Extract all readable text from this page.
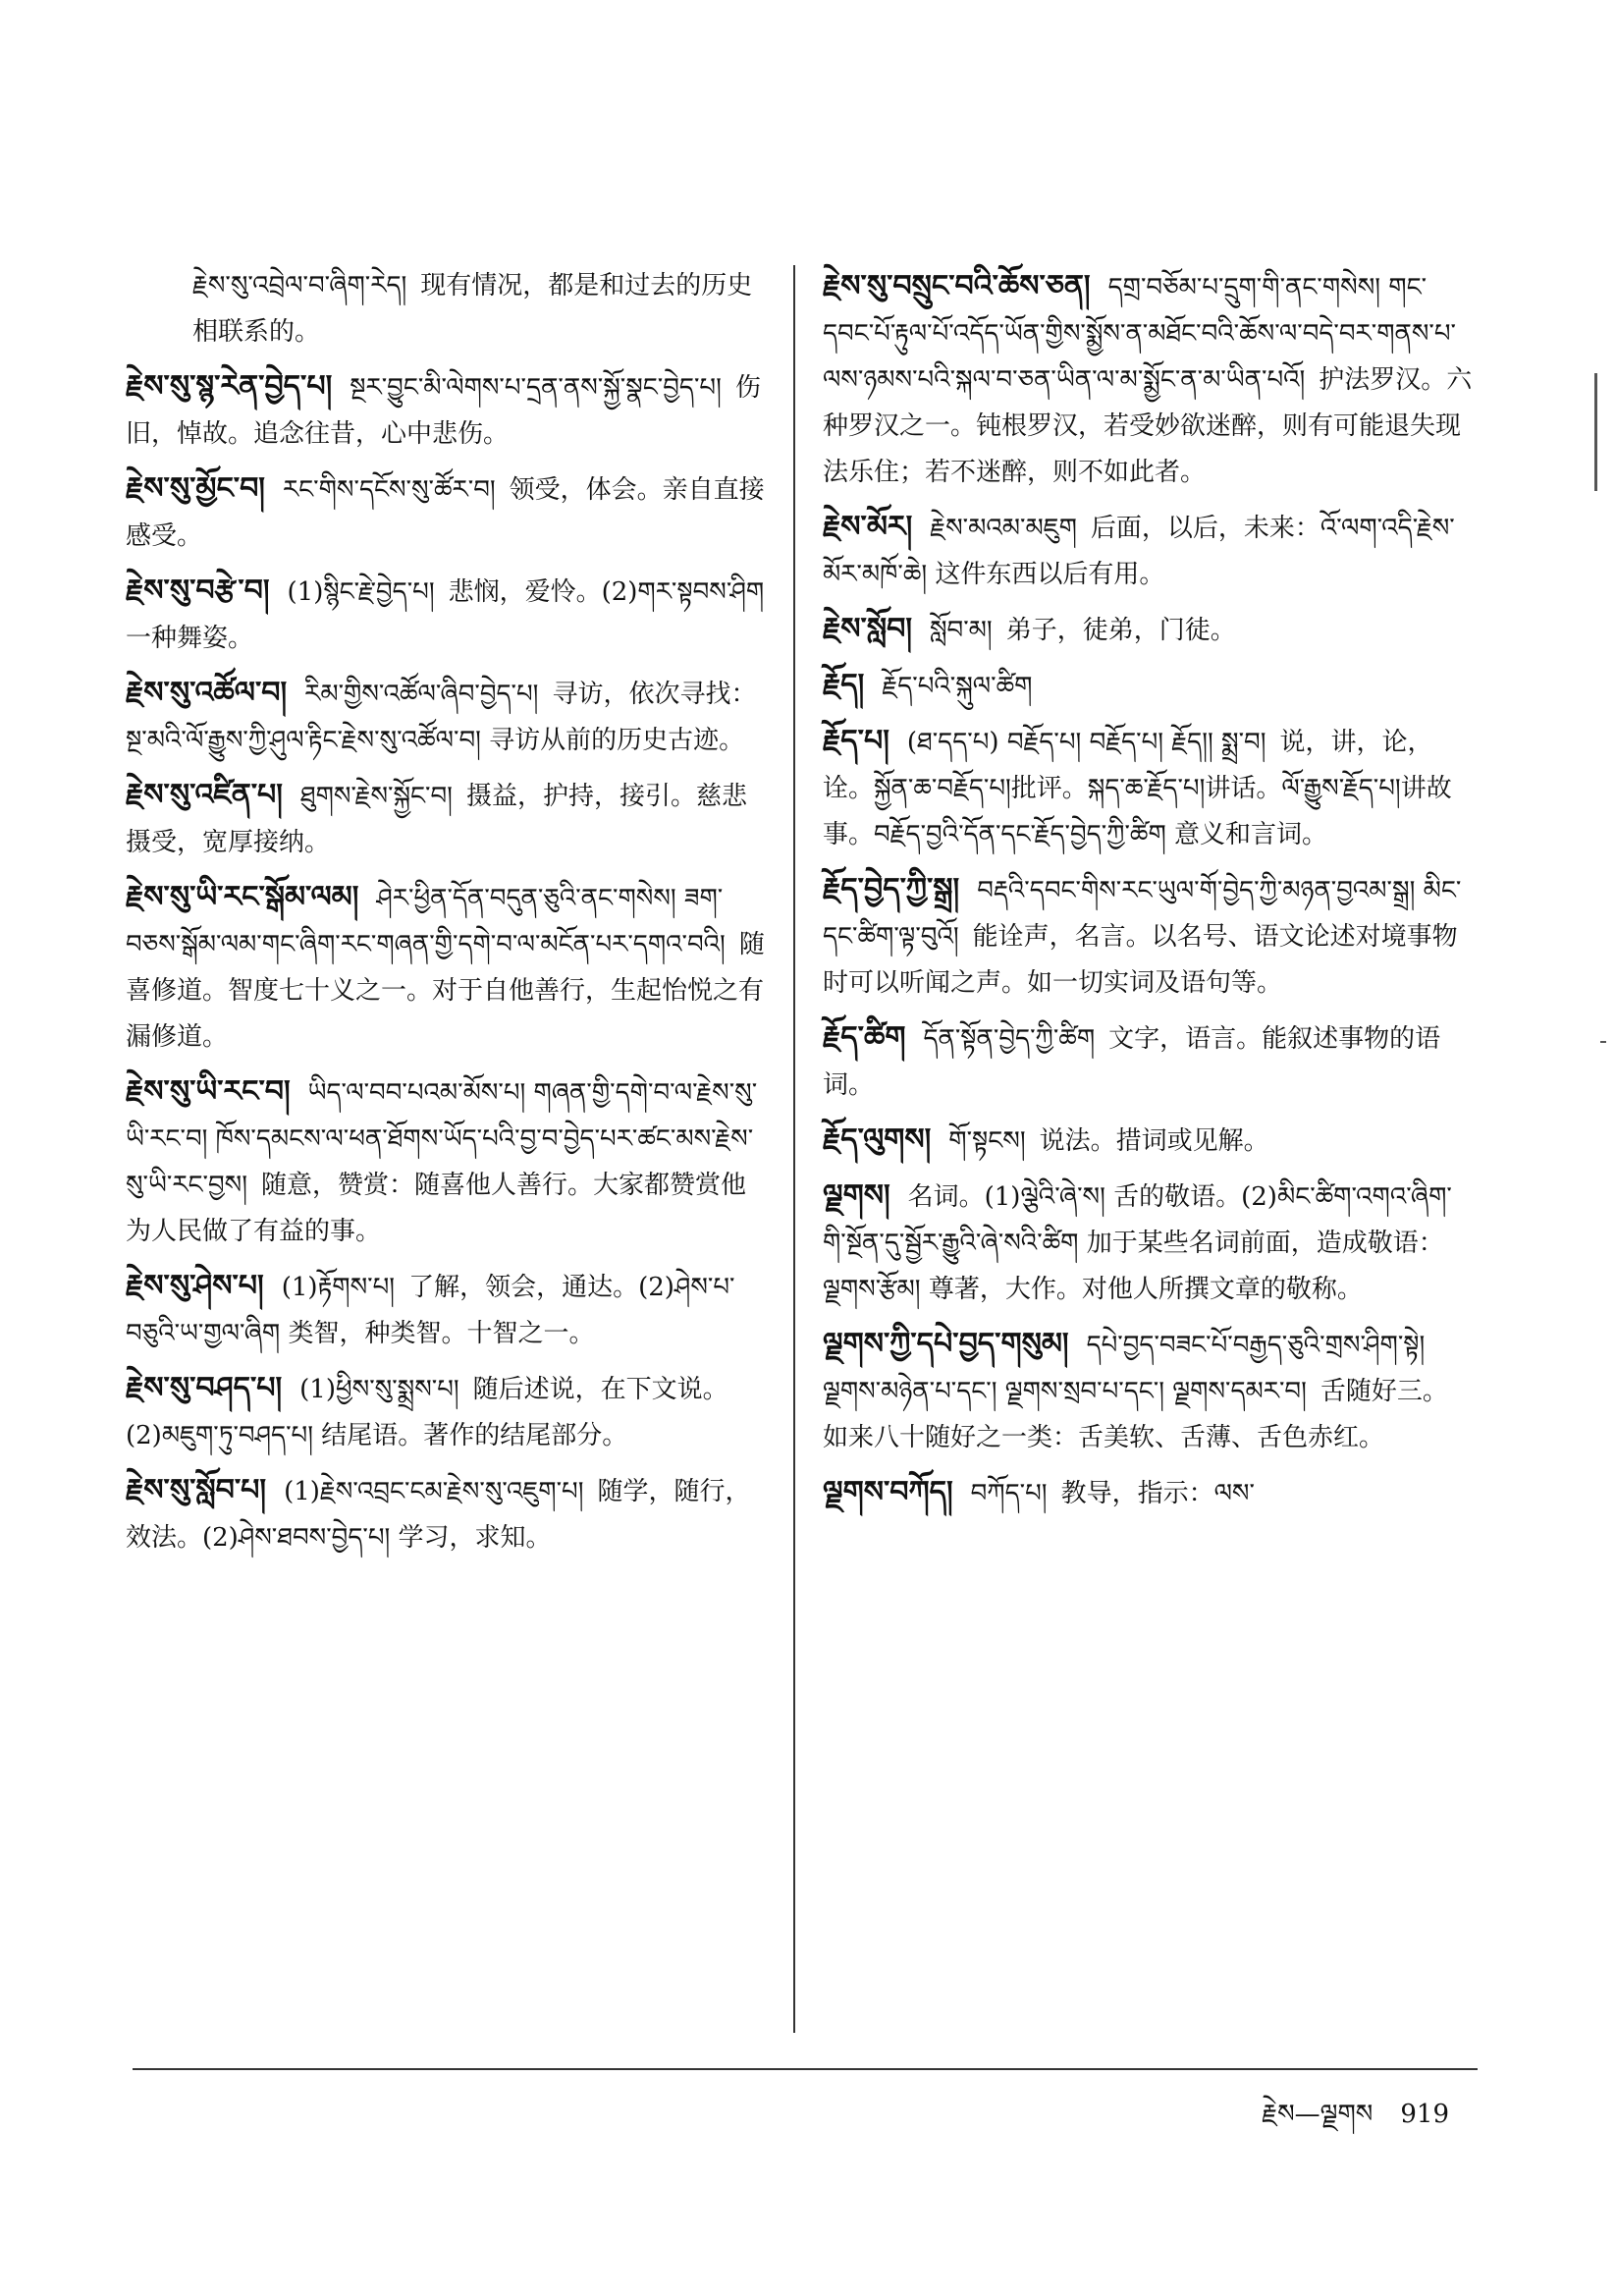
རྗེས་སུ་འབྲེལ་བ་ཞིག་རེད། 现有情况，都是和过去的历史相联系的。
རྗེས་སུ་སྙ་རེན་བྱེད་པ། སྔར་བྱུང་མི་ལེགས་པ་དྲན་ནས་སྐྱོ་སྣང་བྱེད་པ། 伤旧，悼故。追念往昔，心中悲伤。
རྗེས་སུ་མྱོང་བ། རང་གིས་དངོས་སུ་ཚོར་བ། 领受，体会。亲自直接感受。
རྗེས་སུ་བརྩེ་བ། (1)སྙིང་རྗེ་བྱེད་པ། 悲悯，爱怜。(2)གར་སྟབས་ཤིག 一种舞姿。
རྗེས་སུ་འཚོལ་བ། རིམ་གྱིས་འཚོལ་ཞིབ་བྱེད་པ། 寻访，依次寻找：སྔ་མའི་ལོ་རྒྱུས་ཀྱི་ཤུལ་རྟིང་རྗེས་སུ་འཚོལ་བ། 寻访从前的历史古迹。
རྗེས་སུ་འཛིན་པ། ཐུགས་རྗེས་སྐྱོང་བ། 摄益，护持，接引。慈悲摄受，宽厚接纳。
རྗེས་སུ་ཡི་རང་སྒོམ་ལམ། ཤེར་ཕྱིན་དོན་བདུན་ཅུའི་ནང་གསེས། ཟག་བཅས་སྒོམ་ལམ་གང་ཞིག་རང་གཞན་གྱི་དགེ་བ་ལ་མངོན་པར་དགའ་བའི། 随喜修道。智度七十义之一。对于自他善行，生起怡悦之有漏修道。
རྗེས་སུ་ཡི་རང་བ། ཡིད་ལ་བབ་པའམ་མོས་པ། གཞན་གྱི་དགེ་བ་ལ་རྗེས་སུ་ཡི་རང་བ། ཁོས་དམངས་ལ་ཕན་ཐོགས་ཡོད་པའི་བྱ་བ་བྱེད་པར་ཚང་མས་རྗེས་སུ་ཡི་རང་བྱས། 随意，赞赏：随喜他人善行。大家都赞赏他为人民做了有益的事。
རྗེས་སུ་ཤེས་པ། (1)རྟོགས་པ། 了解，领会，通达。(2)ཤེས་པ་བཅུའི་ཡ་གྱལ་ཞིག 类智，种类智。十智之一。
རྗེས་སུ་བཤད་པ། (1)ཕྱིས་སུ་སྨྲས་པ། 随后述说，在下文说。(2)མཇུག་ཏུ་བཤད་པ། 结尾语。著作的结尾部分。
རྗེས་སུ་སློབ་པ། (1)རྗེས་འབྲང་ངམ་རྗེས་སུ་འཇུག་པ། 随学，随行，效法。(2)ཤེས་ཐབས་བྱེད་པ། 学习，求知。
རྗེས་སུ་བསྲུང་བའི་ཆོས་ཅན། དགྲ་བཅོམ་པ་དྲུག་གི་ནང་གསེས། གང་དབང་པོ་རྟུལ་པོ་འདོད་ཡོན་གྱིས་སྨྱོས་ན་མཐོང་བའི་ཆོས་ལ་བདེ་བར་གནས་པ་ལས་ཉམས་པའི་སྐལ་བ་ཅན་ཡིན་ལ་མ་སྨྱོང་ན་མ་ཡིན་པའོ། 护法罗汉。六种罗汉之一。钝根罗汉，若受妙欲迷醉，则有可能退失现法乐住；若不迷醉，则不如此者。
རྗེས་མོར། རྗེས་མའམ་མཇུག 后面，以后，未来：འོ་ལག་འདི་རྗེས་མོར་མཁོ་ཆེ། 这件东西以后有用。
རྗེས་སློབ། སློབ་མ། 弟子，徒弟，门徒。
རྗོད། རྗོད་པའི་སྐུལ་ཚིག
རྗོད་པ། (ཐ་དད་པ) བརྗོད་པ། བརྗོད་པ། རྗོད།། སྨྲ་བ། 说，讲，论，诠。སྐྱོན་ཆ་བརྗོད་པ།批评。སྐད་ཆ་རྗོད་པ།讲话。ལོ་རྒྱུས་རྗོད་པ།讲故事。བརྗོད་བྱའི་དོན་དང་རྗོད་བྱེད་ཀྱི་ཚིག 意义和言词。
རྗོད་བྱེད་ཀྱི་སྒྲ། བརྡའི་དབང་གིས་རང་ཡུལ་གོ་བྱེད་ཀྱི་མཉན་བྱའམ་སྒྲ། མིང་དང་ཚིག་ལྟ་བུའོ། 能诠声，名言。以名号、语文论述对境事物时可以听闻之声。如一切实词及语句等。
རྗོད་ཚིག དོན་སྟོན་བྱེད་ཀྱི་ཚིག 文字，语言。能叙述事物的语词。
རྗོད་ལུགས། གོ་སྟངས། 说法。措词或见解。
ལྗགས། 名词。(1)ལྕེའི་ཞེ་ས། 舌的敬语。(2)མིང་ཚིག་འགའ་ཞིག་གི་སྔོན་དུ་སྦྱོར་རྒྱུའི་ཞེ་སའི་ཚིག 加于某些名词前面，造成敬语：ལྗགས་རྩོམ། 尊著，大作。对他人所撰文章的敬称。
ལྗགས་ཀྱི་དཔེ་བྱད་གསུམ། དཔེ་བྱད་བཟང་པོ་བརྒྱད་ཅུའི་གྲས་ཤིག་སྟེ། ལྗགས་མཉེན་པ་དང་། ལྗགས་སྲབ་པ་དང་། ལྗགས་དམར་བ། 舌随好三。如来八十随好之一类：舌美软、舌薄、舌色赤红。
ལྗགས་བཀོད། བཀོད་པ། 教导，指示：ལས་
རྗེས—ལྗགས 919
